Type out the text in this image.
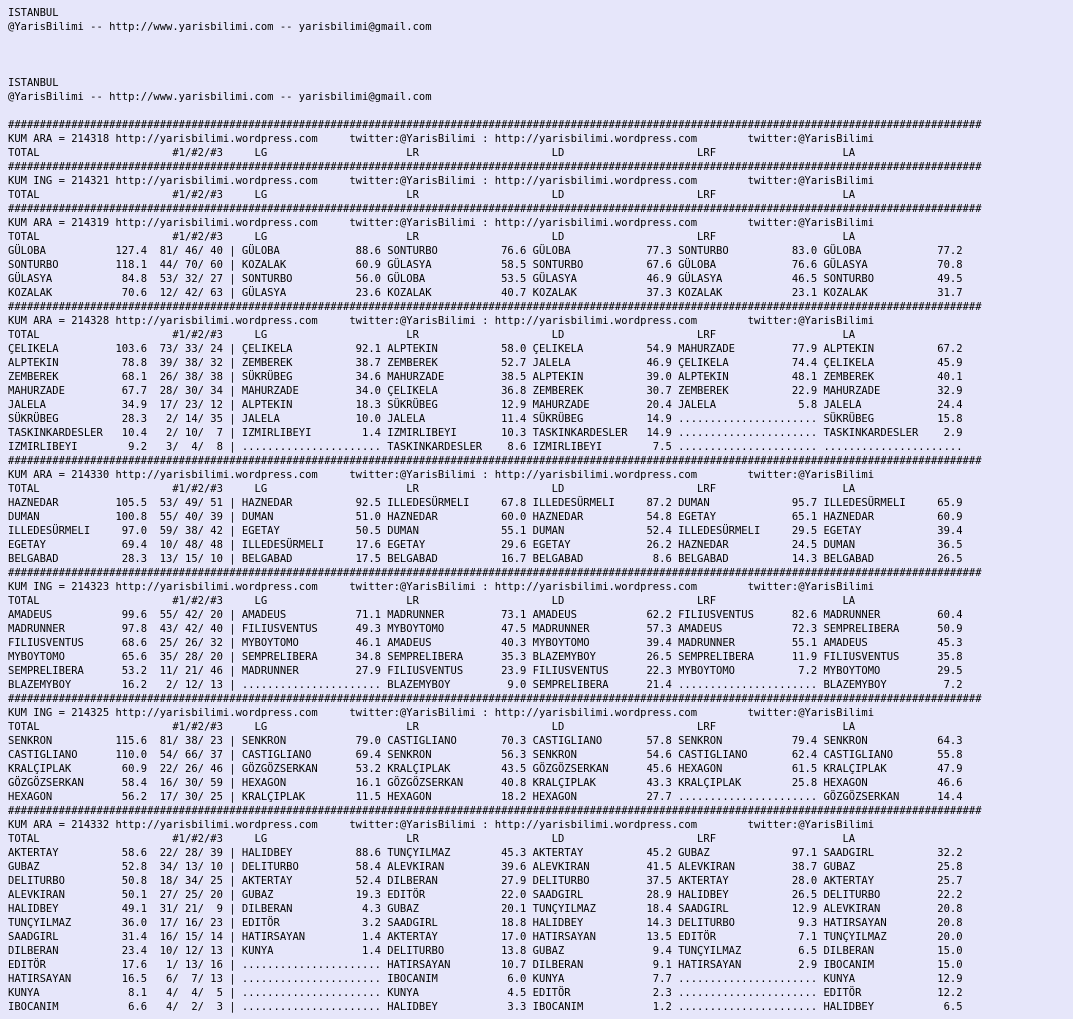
ISTANBUL
@YarisBilimi -- http://www.yarisbilimi.com -- yarisbilimi@gmail.com
ISTANBUL
@YarisBilimi -- http://www.yarisbilimi.com -- yarisbilimi@gmail.com
##########################################################################################################################################################
KUM ARA = 214318 http://yarisbilimi.wordpress.com     twitter:@YarisBilimi : http://yarisbilimi.wordpress.com        twitter:@YarisBilimi
TOTAL                     #1/#2/#3     LG                      LR                     LD                     LRF                    LA
##########################################################################################################################################################
KUM ING = 214321 http://yarisbilimi.wordpress.com     twitter:@YarisBilimi : http://yarisbilimi.wordpress.com        twitter:@YarisBilimi
TOTAL                     #1/#2/#3     LG                      LR                     LD                     LRF                    LA
##########################################################################################################################################################
KUM ARA = 214319 http://yarisbilimi.wordpress.com     twitter:@YarisBilimi : http://yarisbilimi.wordpress.com        twitter:@YarisBilimi
TOTAL                     #1/#2/#3     LG                      LR                     LD                     LRF                    LA
GÜLOBA           127.4  81/ 46/ 40 | GÜLOBA            88.6 SONTURBO          76.6 GÜLOBA            77.3 SONTURBO          83.0 GÜLOBA            77.2
SONTURBO         118.1  44/ 70/ 60 | KOZALAK           60.9 GÜLASYA           58.5 SONTURBO          67.6 GÜLOBA            76.6 GÜLASYA           70.8
GÜLASYA           84.8  53/ 32/ 27 | SONTURBO          56.0 GÜLOBA            53.5 GÜLASYA           46.9 GÜLASYA           46.5 SONTURBO          49.5
KOZALAK           70.6  12/ 42/ 63 | GÜLASYA           23.6 KOZALAK           40.7 KOZALAK           37.3 KOZALAK           23.1 KOZALAK           31.7
##########################################################################################################################################################
KUM ARA = 214328 http://yarisbilimi.wordpress.com     twitter:@YarisBilimi : http://yarisbilimi.wordpress.com        twitter:@YarisBilimi
TOTAL                     #1/#2/#3     LG                      LR                     LD                     LRF                    LA
ÇELIKELA         103.6  73/ 33/ 24 | ÇELIKELA          92.1 ALPTEKIN          58.0 ÇELIKELA          54.9 MAHURZADE         77.9 ALPTEKIN          67.2
ALPTEKIN          78.8  39/ 38/ 32 | ZEMBEREK          38.7 ZEMBEREK          52.7 JALELA            46.9 ÇELIKELA          74.4 ÇELIKELA          45.9
ZEMBEREK          68.1  26/ 38/ 38 | SÜKRÜBEG          34.6 MAHURZADE         38.5 ALPTEKIN          39.0 ALPTEKIN          48.1 ZEMBEREK          40.1
MAHURZADE         67.7  28/ 30/ 34 | MAHURZADE         34.0 ÇELIKELA          36.8 ZEMBEREK          30.7 ZEMBEREK          22.9 MAHURZADE         32.9
JALELA            34.9  17/ 23/ 12 | ALPTEKIN          18.3 SÜKRÜBEG          12.9 MAHURZADE         20.4 JALELA             5.8 JALELA            24.4
SÜKRÜBEG          28.3   2/ 14/ 35 | JALELA            10.0 JALELA            11.4 SÜKRÜBEG          14.9 ...................... SÜKRÜBEG          15.8
TASKINKARDESLER   10.4   2/ 10/  7 | IZMIRLIBEYI        1.4 IZMIRLIBEYI       10.3 TASKINKARDESLER   14.9 ...................... TASKINKARDESLER    2.9
IZMIRLIBEYI        9.2   3/  4/  8 | ...................... TASKINKARDESLER    8.6 IZMIRLIBEYI        7.5 ...................... ......................
##########################################################################################################################################################
KUM ARA = 214330 http://yarisbilimi.wordpress.com     twitter:@YarisBilimi : http://yarisbilimi.wordpress.com        twitter:@YarisBilimi
TOTAL                     #1/#2/#3     LG                      LR                     LD                     LRF                    LA
HAZNEDAR         105.5  53/ 49/ 51 | HAZNEDAR          92.5 ILLEDESÜRMELI     67.8 ILLEDESÜRMELI     87.2 DUMAN             95.7 ILLEDESÜRMELI     65.9
DUMAN            100.8  55/ 40/ 39 | DUMAN             51.0 HAZNEDAR          60.0 HAZNEDAR          54.8 EGETAY            65.1 HAZNEDAR          60.9
ILLEDESÜRMELI     97.0  59/ 38/ 42 | EGETAY            50.5 DUMAN             55.1 DUMAN             52.4 ILLEDESÜRMELI     29.5 EGETAY            39.4
EGETAY            69.4  10/ 48/ 48 | ILLEDESÜRMELI     17.6 EGETAY            29.6 EGETAY            26.2 HAZNEDAR          24.5 DUMAN             36.5
BELGABAD          28.3  13/ 15/ 10 | BELGABAD          17.5 BELGABAD          16.7 BELGABAD           8.6 BELGABAD          14.3 BELGABAD          26.5
##########################################################################################################################################################
KUM ING = 214323 http://yarisbilimi.wordpress.com     twitter:@YarisBilimi : http://yarisbilimi.wordpress.com        twitter:@YarisBilimi
TOTAL                     #1/#2/#3     LG                      LR                     LD                     LRF                    LA
AMADEUS           99.6  55/ 42/ 20 | AMADEUS           71.1 MADRUNNER         73.1 AMADEUS           62.2 FILIUSVENTUS      82.6 MADRUNNER         60.4
MADRUNNER         97.8  43/ 42/ 40 | FILIUSVENTUS      49.3 MYBOYTOMO         47.5 MADRUNNER         57.3 AMADEUS           72.3 SEMPRELIBERA      50.9
FILIUSVENTUS      68.6  25/ 26/ 32 | MYBOYTOMO         46.1 AMADEUS           40.3 MYBOYTOMO         39.4 MADRUNNER         55.1 AMADEUS           45.3
MYBOYTOMO         65.6  35/ 28/ 20 | SEMPRELIBERA      34.8 SEMPRELIBERA      35.3 BLAZEMYBOY        26.5 SEMPRELIBERA      11.9 FILIUSVENTUS      35.8
SEMPRELIBERA      53.2  11/ 21/ 46 | MADRUNNER         27.9 FILIUSVENTUS      23.9 FILIUSVENTUS      22.3 MYBOYTOMO          7.2 MYBOYTOMO         29.5
BLAZEMYBOY        16.2   2/ 12/ 13 | ...................... BLAZEMYBOY         9.0 SEMPRELIBERA      21.4 ...................... BLAZEMYBOY         7.2
##########################################################################################################################################################
KUM ING = 214325 http://yarisbilimi.wordpress.com     twitter:@YarisBilimi : http://yarisbilimi.wordpress.com        twitter:@YarisBilimi
TOTAL                     #1/#2/#3     LG                      LR                     LD                     LRF                    LA
SENKRON          115.6  81/ 38/ 23 | SENKRON           79.0 CASTIGLIANO       70.3 CASTIGLIANO       57.8 SENKRON           79.4 SENKRON           64.3
CASTIGLIANO      110.0  54/ 66/ 37 | CASTIGLIANO       69.4 SENKRON           56.3 SENKRON           54.6 CASTIGLIANO       62.4 CASTIGLIANO       55.8
KRALÇIPLAK        60.9  22/ 26/ 46 | GÖZGÖZSERKAN      53.2 KRALÇIPLAK        43.5 GÖZGÖZSERKAN      45.6 HEXAGON           61.5 KRALÇIPLAK        47.9
GÖZGÖZSERKAN      58.4  16/ 30/ 59 | HEXAGON           16.1 GÖZGÖZSERKAN      40.8 KRALÇIPLAK        43.3 KRALÇIPLAK        25.8 HEXAGON           46.6
HEXAGON           56.2  17/ 30/ 25 | KRALÇIPLAK        11.5 HEXAGON           18.2 HEXAGON           27.7 ...................... GÖZGÖZSERKAN      14.4
##########################################################################################################################################################
KUM ARA = 214332 http://yarisbilimi.wordpress.com     twitter:@YarisBilimi : http://yarisbilimi.wordpress.com        twitter:@YarisBilimi
TOTAL                     #1/#2/#3     LG                      LR                     LD                     LRF                    LA
AKTERTAY          58.6  22/ 28/ 39 | HALIDBEY          88.6 TUNÇYILMAZ        45.3 AKTERTAY          45.2 GUBAZ             97.1 SAADGIRL          32.2
GUBAZ             52.8  34/ 13/ 10 | DELITURBO         58.4 ALEVKIRAN         39.6 ALEVKIRAN         41.5 ALEVKIRAN         38.7 GUBAZ             25.8
DELITURBO         50.8  18/ 34/ 25 | AKTERTAY          52.4 DILBERAN          27.9 DELITURBO         37.5 AKTERTAY          28.0 AKTERTAY          25.7
ALEVKIRAN         50.1  27/ 25/ 20 | GUBAZ             19.3 EDITÖR            22.0 SAADGIRL          28.9 HALIDBEY          26.5 DELITURBO         22.2
HALIDBEY          49.1  31/ 21/  9 | DILBERAN           4.3 GUBAZ             20.1 TUNÇYILMAZ        18.4 SAADGIRL          12.9 ALEVKIRAN         20.8
TUNÇYILMAZ        36.0  17/ 16/ 23 | EDITÖR             3.2 SAADGIRL          18.8 HALIDBEY          14.3 DELITURBO          9.3 HATIRSAYAN        20.8
SAADGIRL          31.4  16/ 15/ 14 | HATIRSAYAN         1.4 AKTERTAY          17.0 HATIRSAYAN        13.5 EDITÖR             7.1 TUNÇYILMAZ        20.0
DILBERAN          23.4  10/ 12/ 13 | KUNYA              1.4 DELITURBO         13.8 GUBAZ              9.4 TUNÇYILMAZ         6.5 DILBERAN          15.0
EDITÖR            17.6   1/ 13/ 16 | ...................... HATIRSAYAN        10.7 DILBERAN           9.1 HATIRSAYAN         2.9 IBOCANIM          15.0
HATIRSAYAN        16.5   6/  7/ 13 | ...................... IBOCANIM           6.0 KUNYA              7.7 ...................... KUNYA             12.9
KUNYA              8.1   4/  4/  5 | ...................... KUNYA              4.5 EDITÖR             2.3 ...................... EDITÖR            12.2
IBOCANIM           6.6   4/  2/  3 | ...................... HALIDBEY           3.3 IBOCANIM           1.2 ...................... HALIDBEY           6.5
